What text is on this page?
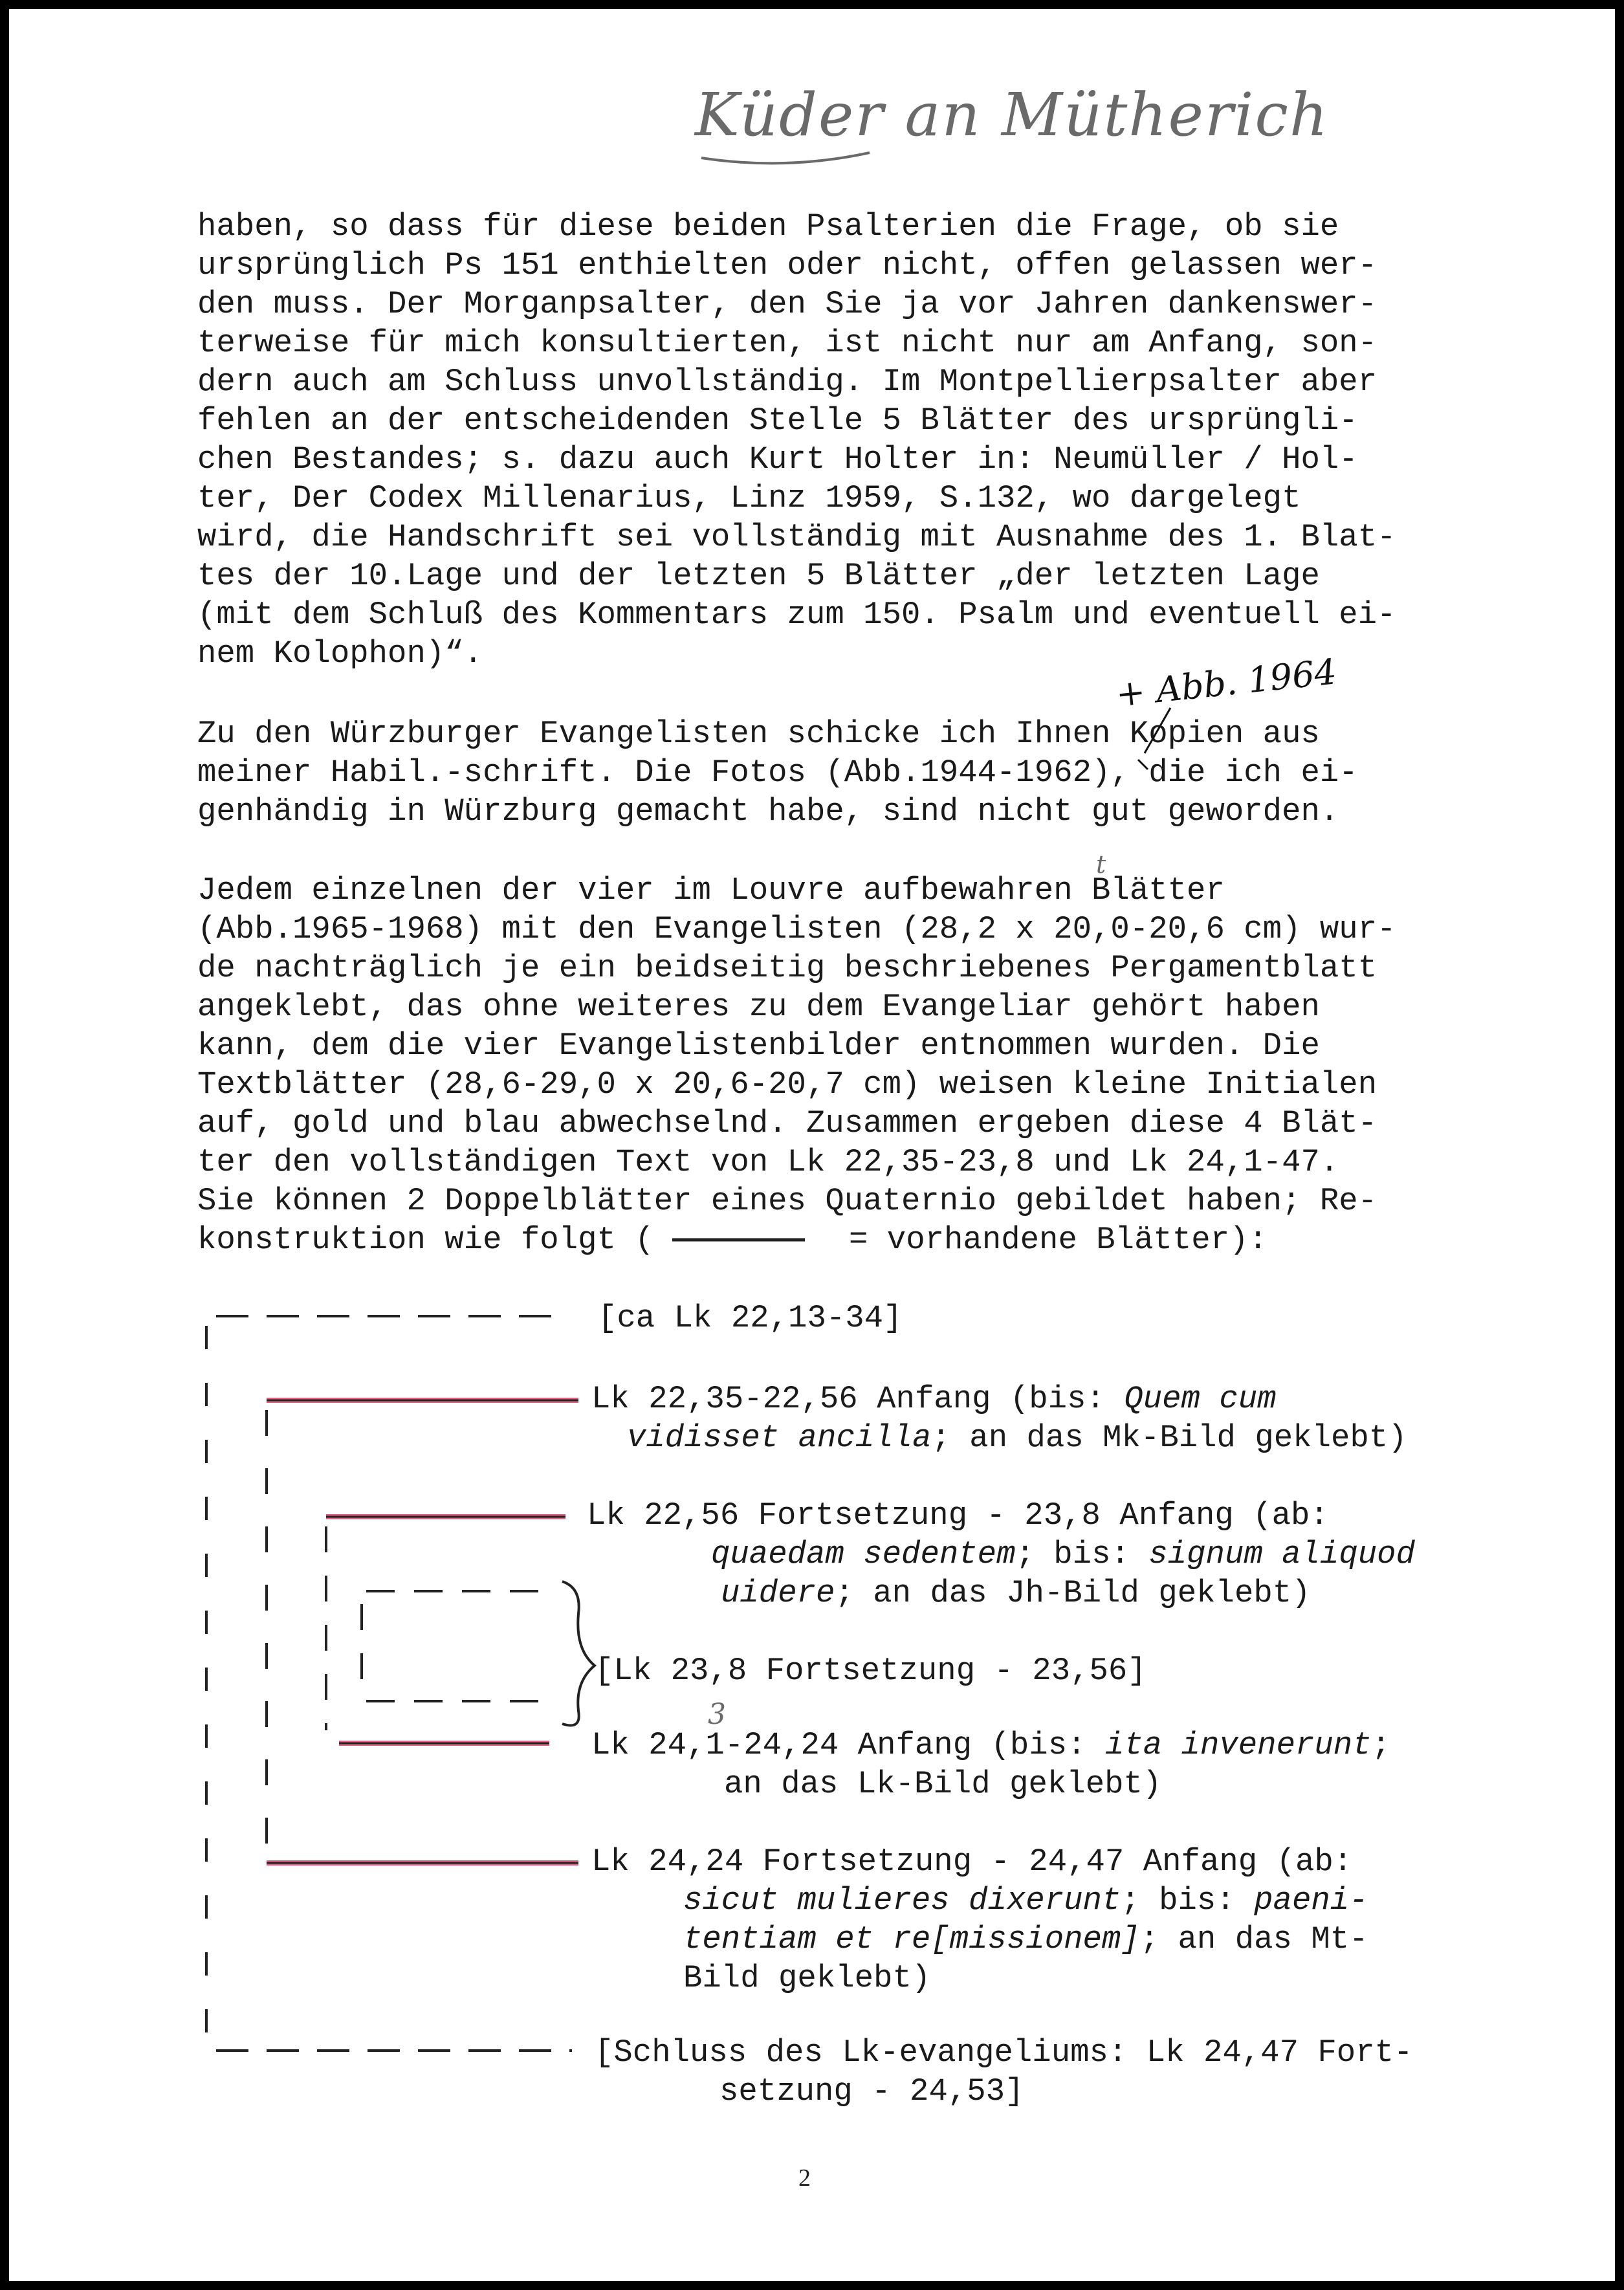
Küder an Mütherich
haben, so dass für diese beiden Psalterien die Frage, ob sie
ursprünglich Ps 151 enthielten oder nicht, offen gelassen wer-
den muss. Der Morganpsalter, den Sie ja vor Jahren dankenswer-
terweise für mich konsultierten, ist nicht nur am Anfang, son-
dern auch am Schluss unvollständig. Im Montpellierpsalter aber
fehlen an der entscheidenden Stelle 5 Blätter des ursprüngli-
chen Bestandes; s. dazu auch Kurt Holter in: Neumüller / Hol-
ter, Der Codex Millenarius, Linz 1959, S.132, wo dargelegt
wird, die Handschrift sei vollständig mit Ausnahme des 1. Blat-
tes der 10.Lage und der letzten 5 Blätter „der letzten Lage
(mit dem Schluß des Kommentars zum 150. Psalm und eventuell ei-
nem Kolophon)“.	+ Abb. 1964
Zu den Würzburger Evangelisten schicke ich Ihnen Kopien aus
meiner Habil.-schrift. Die Fotos (Abb.1944-1962), die ich ei-
genhändig in Würzburg gemacht habe, sind nicht gut geworden.
t
Jedem einzelnen der vier im Louvre aufbewahren Blätter
(Abb.1965-1968) mit den Evangelisten (28,2 x 20,0-20,6 cm) wur-
de nachträglich je ein beidseitig beschriebenes Pergamentblatt
angeklebt, das ohne weiteres zu dem Evangeliar gehört haben
kann, dem die vier Evangelistenbilder entnommen wurden. Die
Textblätter (28,6-29,0 x 20,6-20,7 cm) weisen kleine Initialen
auf, gold und blau abwechselnd. Zusammen ergeben diese 4 Blät-
ter den vollständigen Text von Lk 22,35-23,8 und Lk 24,1-47.
Sie können 2 Doppelblätter eines Quaternio gebildet haben; Re-
konstruktion wie folgt (	= vorhandene Blätter):
[ca Lk 22,13-34]
Lk 22,35-22,56 Anfang (bis: Quem cum
vidisset ancilla; an das Mk-Bild geklebt)
Lk 22,56 Fortsetzung - 23,8 Anfang (ab:
quaedam sedentem; bis: signum aliquod
uidere; an das Jh-Bild geklebt)
[Lk 23,8 Fortsetzung - 23,56]
3
Lk 24,1-24,24 Anfang (bis: ita invenerunt;
an das Lk-Bild geklebt)
Lk 24,24 Fortsetzung - 24,47 Anfang (ab:
sicut mulieres dixerunt; bis: paeni-
tentiam et re[missionem]; an das Mt-
Bild geklebt)
[Schluss des Lk-evangeliums: Lk 24,47 Fort-
setzung - 24,53]
2
